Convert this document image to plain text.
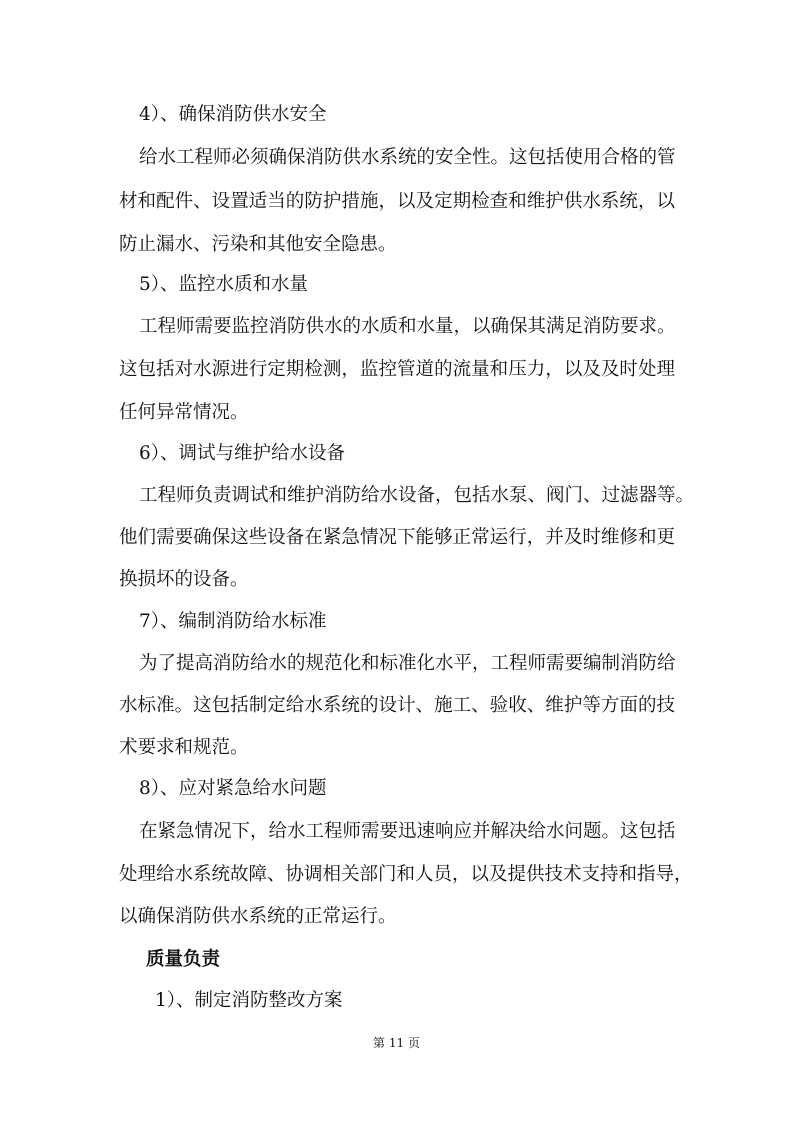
4）、确保消防供水安全
给水工程师必须确保消防供水系统的安全性。这包括使用合格的管
材和配件、设置适当的防护措施，以及定期检查和维护供水系统，以
防止漏水、污染和其他安全隐患。
5）、监控水质和水量
工程师需要监控消防供水的水质和水量，以确保其满足消防要求。
这包括对水源进行定期检测，监控管道的流量和压力，以及及时处理
任何异常情况。
6）、调试与维护给水设备
工程师负责调试和维护消防给水设备，包括水泵、阀门、过滤器等。
他们需要确保这些设备在紧急情况下能够正常运行，并及时维修和更
换损坏的设备。
7）、编制消防给水标准
为了提高消防给水的规范化和标准化水平，工程师需要编制消防给
水标准。这包括制定给水系统的设计、施工、验收、维护等方面的技
术要求和规范。
8）、应对紧急给水问题
在紧急情况下，给水工程师需要迅速响应并解决给水问题。这包括
处理给水系统故障、协调相关部门和人员，以及提供技术支持和指导，
以确保消防供水系统的正常运行。
质量负责
1）、制定消防整改方案
第 11 页
